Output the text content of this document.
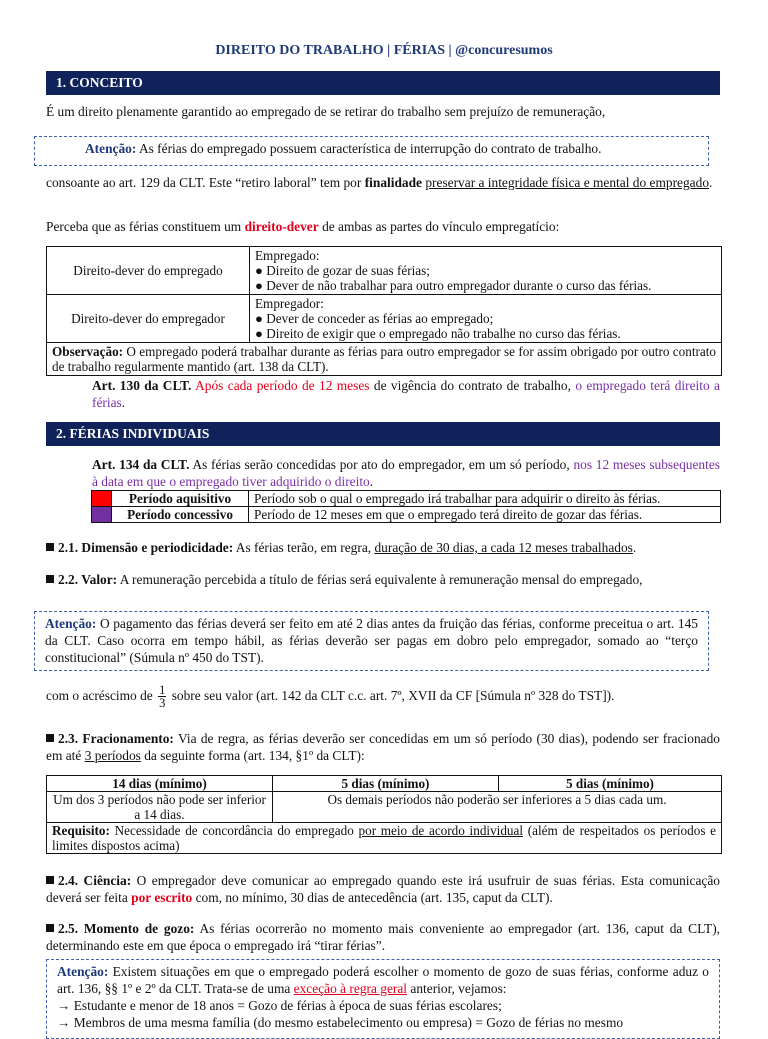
DIREITO DO TRABALHO | FÉRIAS | @concuresumos
1. CONCEITO
É um direito plenamente garantido ao empregado de se retirar do trabalho sem prejuízo de remuneração,
Atenção: As férias do empregado possuem característica de interrupção do contrato de trabalho.
consoante ao art. 129 da CLT. Este “retiro laboral” tem por finalidade preservar a integridade física e mental do empregado.
Perceba que as férias constituem um direito-dever de ambas as partes do vínculo empregatício:
Direito-dever do empregado	Empregado:
● Direito de gozar de suas férias;
● Dever de não trabalhar para outro empregador durante o curso das férias.

Direito-dever do empregador	Empregador:
● Dever de conceder as férias ao empregado;
● Direito de exigir que o empregado não trabalhe no curso das férias.

Observação: O empregado poderá trabalhar durante as férias para outro empregador se for assim obrigado por outro contrato de trabalho regularmente mantido (art. 138 da CLT).	
Art. 130 da CLT. Após cada período de 12 meses de vigência do contrato de trabalho, o empregado terá direito a férias.
2. FÉRIAS INDIVIDUAIS
Art. 134 da CLT. As férias serão concedidas por ato do empregador, em um só período, nos 12 meses subsequentes à data em que o empregado tiver adquirido o direito.
	Período aquisitivo	Período sob o qual o empregado irá trabalhar para adquirir o direito às férias.
	Período concessivo	Período de 12 meses em que o empregado terá direito de gozar das férias.
2.1. Dimensão e periodicidade: As férias terão, em regra, duração de 30 dias, a cada 12 meses trabalhados.
2.2. Valor: A remuneração percebida a título de férias será equivalente à remuneração mensal do empregado,
Atenção: O pagamento das férias deverá ser feito em até 2 dias antes da fruição das férias, conforme preceitua o art. 145 da CLT. Caso ocorra em tempo hábil, as férias deverão ser pagas em dobro pelo empregador, somado ao “terço constitucional” (Súmula nº 450 do TST).
com o acréscimo de $\frac{1}{3}$ sobre seu valor (art. 142 da CLT c.c. art. 7º, XVII da CF [Súmula nº 328 do TST]).
2.3. Fracionamento: Via de regra, as férias deverão ser concedidas em um só período (30 dias), podendo ser fracionado em até 3 períodos da seguinte forma (art. 134, §1º da CLT):
14 dias (mínimo)	5 dias (mínimo)	5 dias (mínimo)
Um dos 3 períodos não pode ser inferior a 14 dias.	Os demais períodos não poderão ser inferiores a 5 dias cada um.	
Requisito: Necessidade de concordância do empregado por meio de acordo individual (além de respeitados os períodos e limites dispostos acima)		
2.4. Ciência: O empregador deve comunicar ao empregado quando este irá usufruir de suas férias. Esta comunicação deverá ser feita por escrito com, no mínimo, 30 dias de antecedência (art. 135, caput da CLT).
2.5. Momento de gozo: As férias ocorrerão no momento mais conveniente ao empregador (art. 136, caput da CLT), determinando este em que época o empregado irá “tirar férias”.
Atenção: Existem situações em que o empregado poderá escolher o momento de gozo de suas férias, conforme aduz o art. 136, §§ 1º e 2º da CLT. Trata-se de uma exceção à regra geral anterior, vejamos:
→ Estudante e menor de 18 anos = Gozo de férias à época de suas férias escolares;
→ Membros de uma mesma família (do mesmo estabelecimento ou empresa) = Gozo de férias no mesmo
